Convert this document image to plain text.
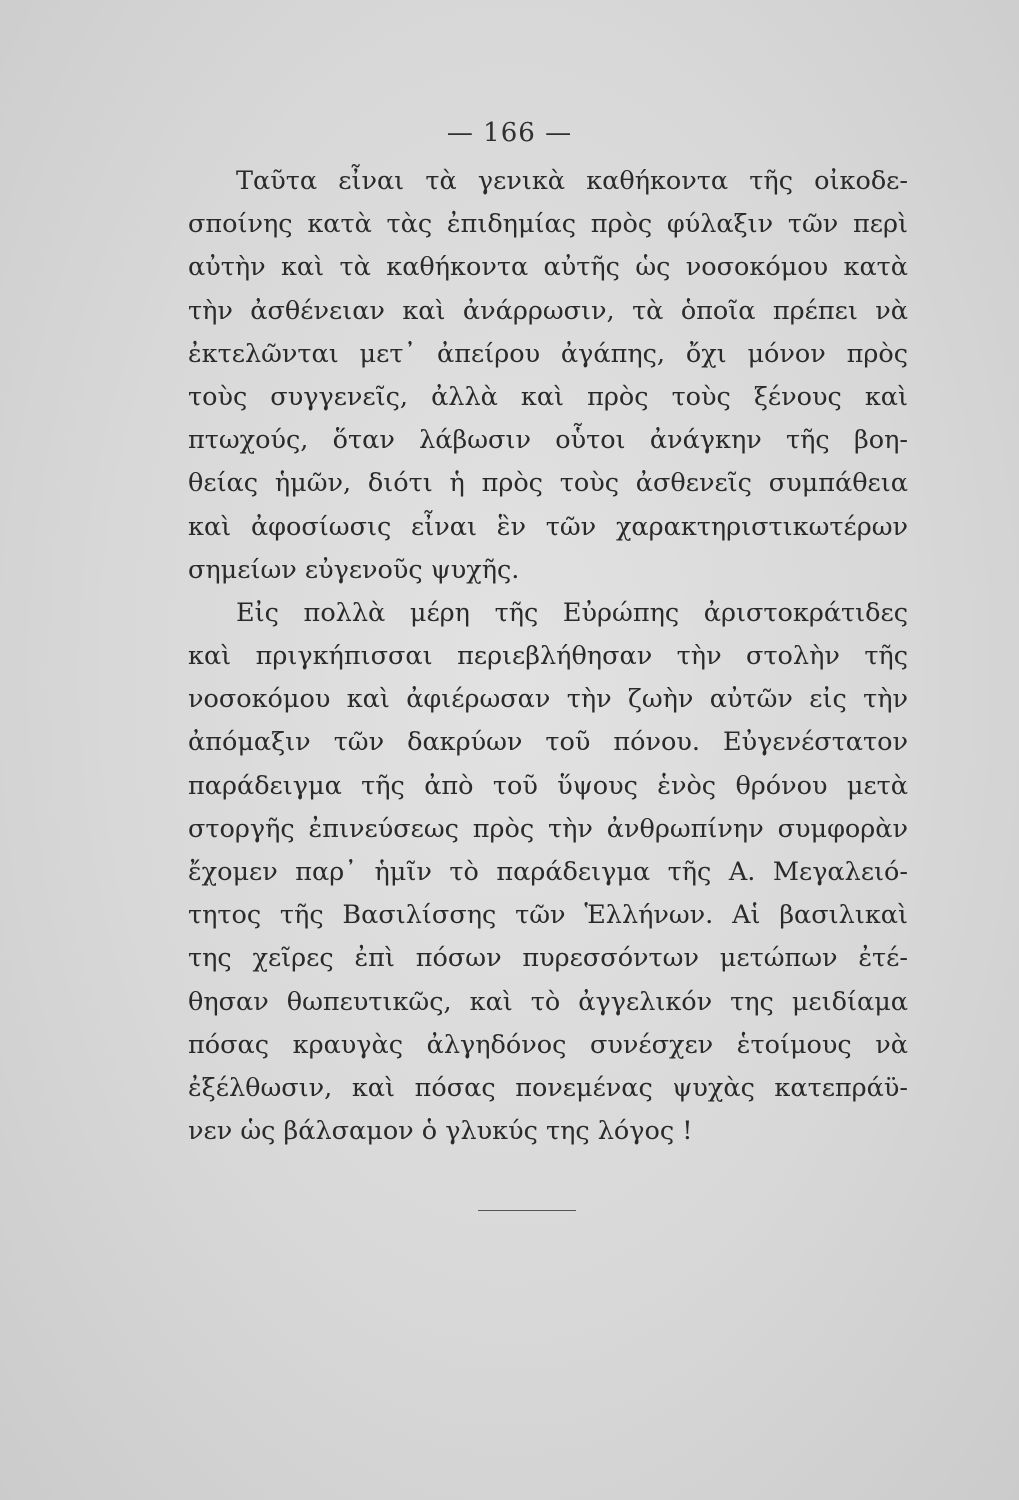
— 166 —
Ταῦτα εἶναι τὰ γενικὰ καθήκοντα τῆς οἰκοδε-
σποίνης κατὰ τὰς ἐπιδημίας πρὸς φύλαξιν τῶν περὶ
αὐτὴν καὶ τὰ καθήκοντα αὐτῆς ὡς νοσοκόμου κατὰ
τὴν ἀσθένειαν καὶ ἀνάρρωσιν, τὰ ὁποῖα πρέπει νὰ
ἐκτελῶνται μετ᾽ ἀπείρου ἀγάπης, ὄχι μόνον πρὸς
τοὺς συγγενεῖς, ἀλλὰ καὶ πρὸς τοὺς ξένους καὶ
πτωχούς, ὅταν λάβωσιν οὗτοι ἀνάγκην τῆς βοη-
θείας ἡμῶν, διότι ἡ πρὸς τοὺς ἀσθενεῖς συμπάθεια
καὶ ἀφοσίωσις εἶναι ἓν τῶν χαρακτηριστικωτέρων
σημείων εὐγενοῦς ψυχῆς.
Εἰς πολλὰ μέρη τῆς Εὐρώπης ἀριστοκράτιδες
καὶ πριγκήπισσαι περιεβλήθησαν τὴν στολὴν τῆς
νοσοκόμου καὶ ἀφιέρωσαν τὴν ζωὴν αὐτῶν εἰς τὴν
ἀπόμαξιν τῶν δακρύων τοῦ πόνου. Εὐγενέστατον
παράδειγμα τῆς ἀπὸ τοῦ ὕψους ἑνὸς θρόνου μετὰ
στοργῆς ἐπινεύσεως πρὸς τὴν ἀνθρωπίνην συμφορὰν
ἔχομεν παρ᾽ ἡμῖν τὸ παράδειγμα τῆς Α. Μεγαλειό-
τητος τῆς Βασιλίσσης τῶν Ἑλλήνων. Αἱ βασιλικαὶ
της χεῖρες ἐπὶ πόσων πυρεσσόντων μετώπων ἐτέ-
θησαν θωπευτικῶς, καὶ τὸ ἀγγελικόν της μειδίαμα
πόσας κραυγὰς ἀλγηδόνος συνέσχεν ἑτοίμους νὰ
ἐξέλθωσιν, καὶ πόσας πονεμένας ψυχὰς κατεπράϋ-
νεν ὡς βάλσαμον ὁ γλυκύς της λόγος !
